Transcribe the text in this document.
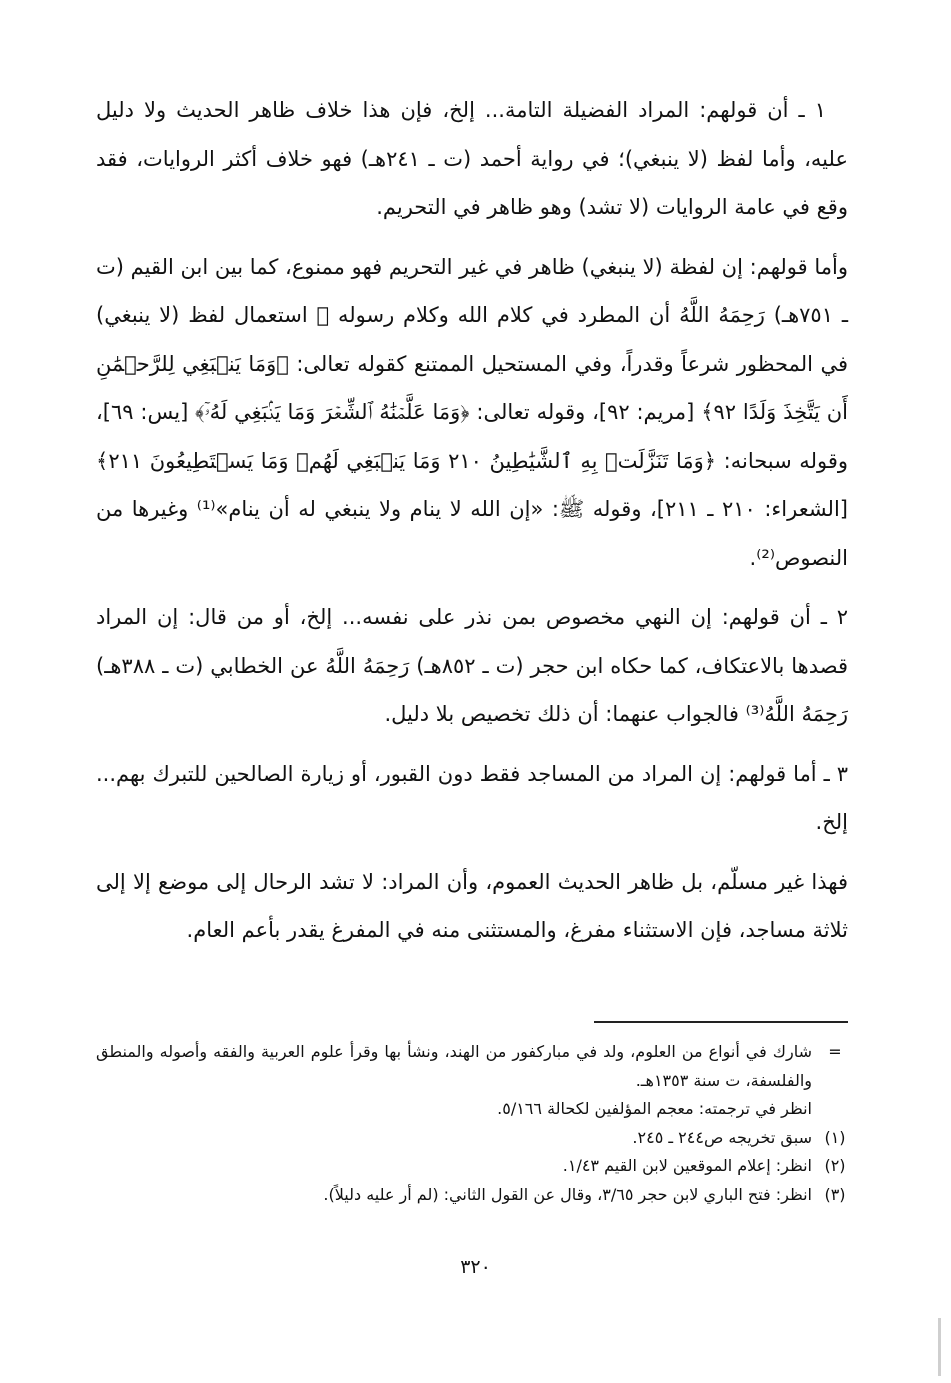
١ ـ أن قولهم: المراد الفضيلة التامة... إلخ، فإن هذا خلاف ظاهر الحديث ولا دليل عليه، وأما لفظ (لا ينبغي)؛ في رواية أحمد (ت ـ ٢٤١هـ) فهو خلاف أكثر الروايات، فقد وقع في عامة الروايات (لا تشد) وهو ظاهر في التحريم.

وأما قولهم: إن لفظة (لا ينبغي) ظاهر في غير التحريم فهو ممنوع، كما بين ابن القيم (ت ـ ٧٥١هـ) رَحِمَهُ اللَّهُ أن المطرد في كلام الله وكلام رسوله ﷺ استعمال لفظ (لا ينبغي) في المحظور شرعاً وقدراً، وفي المستحيل الممتنع كقوله تعالى: ﴿وَمَا يَنۢبَغِي لِلرَّحۡمَٰنِ أَن يَتَّخِذَ وَلَدًا ٩٢﴾ [مريم: ٩٢]، وقوله تعالى: ﴿وَمَا عَلَّمۡنَٰهُ ٱلشِّعۡرَ وَمَا يَنۢبَغِي لَهُۥٓ﴾ [يس: ٦٩]، وقوله سبحانه: ﴿وَمَا تَنَزَّلَتۡ بِهِ ٱلشَّيَٰطِينُ ٢١٠ وَمَا يَنۢبَغِي لَهُمۡ وَمَا يَسۡتَطِيعُونَ ٢١١﴾ [الشعراء: ٢١٠ ـ ٢١١]، وقوله ﷺ: «إن الله لا ينام ولا ينبغي له أن ينام»⁽¹⁾ وغيرها من النصوص⁽²⁾.

٢ ـ أن قولهم: إن النهي مخصوص بمن نذر على نفسه... إلخ، أو من قال: إن المراد قصدها بالاعتكاف، كما حكاه ابن حجر (ت ـ ٨٥٢هـ) رَحِمَهُ اللَّهُ عن الخطابي (ت ـ ٣٨٨هـ) رَحِمَهُ اللَّهُ⁽³⁾ فالجواب عنهما: أن ذلك تخصيص بلا دليل.

٣ ـ أما قولهم: إن المراد من المساجد فقط دون القبور، أو زيارة الصالحين للتبرك بهم... إلخ.

فهذا غير مسلّم، بل ظاهر الحديث العموم، وأن المراد: لا تشد الرحال إلى موضع إلا إلى ثلاثة مساجد، فإن الاستثناء مفرغ، والمستثنى منه في المفرغ يقدر بأعم العام.

=
شارك في أنواع من العلوم، ولد في مباركفور من الهند، ونشأ بها وقرأ علوم العربية والفقه وأصوله والمنطق والفلسفة، ت سنة ١٣٥٣هـ.
انظر في ترجمته: معجم المؤلفين لكحالة ٥/١٦٦.
(١)
سبق تخريجه ص٢٤٤ ـ ٢٤٥.
(٢)
انظر: إعلام الموقعين لابن القيم ١/٤٣.
(٣)
انظر: فتح الباري لابن حجر ٣/٦٥، وقال عن القول الثاني: (لم أر عليه دليلاً).
٣٢٠
